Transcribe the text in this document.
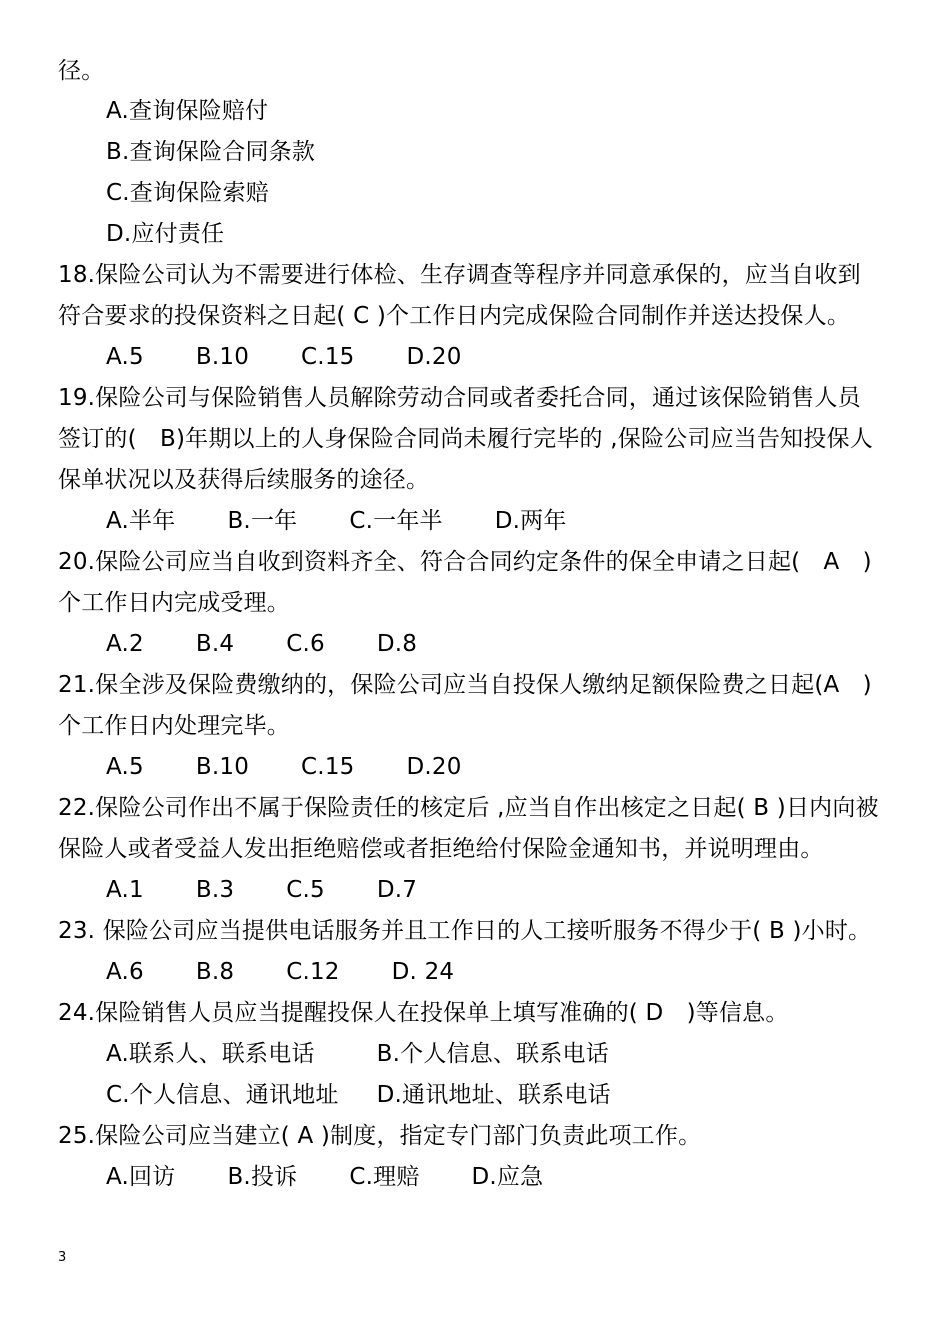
径。
A.查询保险赔付
B.查询保险合同条款
C.查询保险索赔
D.应付责任
18.保险公司认为不需要进行体检、生存调查等程序并同意承保的，应当自收到
符合要求的投保资料之日起( C )个工作日内完成保险合同制作并送达投保人。
A.5 B.10 C.15 D.20
19.保险公司与保险销售人员解除劳动合同或者委托合同，通过该保险销售人员
签订的(　B)年期以上的人身保险合同尚未履行完毕的 ,保险公司应当告知投保人
保单状况以及获得后续服务的途径。
A.半年 B.一年 C.一年半 D.两年
20.保险公司应当自收到资料齐全、符合合同约定条件的保全申请之日起(　A　)
个工作日内完成受理。
A.2 B.4 C.6 D.8
21.保全涉及保险费缴纳的，保险公司应当自投保人缴纳足额保险费之日起(A　)
个工作日内处理完毕。
A.5 B.10 C.15 D.20
22.保险公司作出不属于保险责任的核定后 ,应当自作出核定之日起( B )日内向被
保险人或者受益人发出拒绝赔偿或者拒绝给付保险金通知书，并说明理由。
A.1 B.3 C.5 D.7
23. 保险公司应当提供电话服务并且工作日的人工接听服务不得少于( B )小时。
A.6 B.8 C.12 D. 24
24.保险销售人员应当提醒投保人在投保单上填写准确的( D　)等信息。
A.联系人、联系电话	B.个人信息、联系电话
C.个人信息、通讯地址 D.通讯地址、联系电话
25.保险公司应当建立( A )制度，指定专门部门负责此项工作。
A.回访 B.投诉 C.理赔 D.应急
3
